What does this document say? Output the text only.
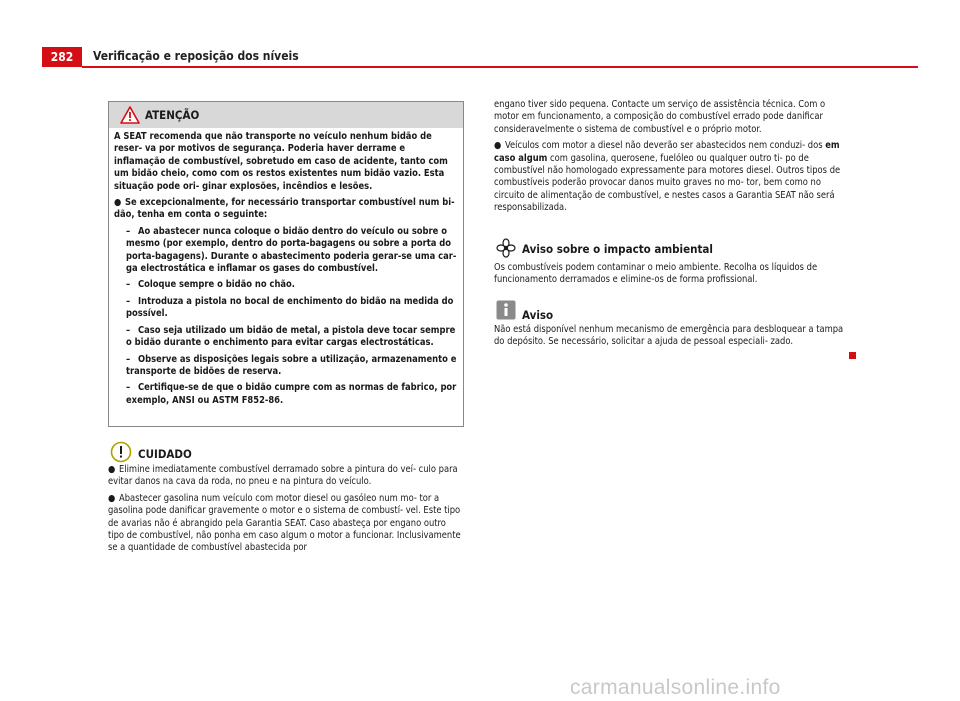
282	Verificação e reposição dos níveis
ATENÇÃO

A SEAT recomenda que não transporte no veículo nenhum bidão de reser- va por motivos de segurança. Poderia haver derrame e inflamação de combustível, sobretudo em caso de acidente, tanto com um bidão cheio, como com os restos existentes num bidão vazio. Esta situação pode ori- ginar explosões, incêndios e lesões.

● Se excepcionalmente, for necessário transportar combustível num bi- dão, tenha em conta o seguinte:

– Ao abastecer nunca coloque o bidão dentro do veículo ou sobre o mesmo (por exemplo, dentro do porta-bagagens ou sobre a porta do porta-bagagens). Durante o abastecimento poderia gerar-se uma car- ga electrostática e inflamar os gases do combustível.
– Coloque sempre o bidão no chão.
– Introduza a pistola no bocal de enchimento do bidão na medida do possível.
– Caso seja utilizado um bidão de metal, a pistola deve tocar sempre o bidão durante o enchimento para evitar cargas electrostáticas.
– Observe as disposições legais sobre a utilização, armazenamento e transporte de bidões de reserva.
– Certifique-se de que o bidão cumpre com as normas de fabrico, por exemplo, ANSI ou ASTM F852-86.
CUIDADO

● Elimine imediatamente combustível derramado sobre a pintura do veí- culo para evitar danos na cava da roda, no pneu e na pintura do veículo.

● Abastecer gasolina num veículo com motor diesel ou gasóleo num mo- tor a gasolina pode danificar gravemente o motor e o sistema de combustí- vel. Este tipo de avarias não é abrangido pela Garantia SEAT. Caso abasteça por engano outro tipo de combustível, não ponha em caso algum o motor a funcionar. Inclusivamente se a quantidade de combustível abastecida por

engano tiver sido pequena. Contacte um serviço de assistência técnica. Com o motor em funcionamento, a composição do combustível errado pode danificar consideravelmente o sistema de combustível e o próprio motor.

● Veículos com motor a diesel não deverão ser abastecidos nem conduzi- dos em caso algum com gasolina, querosene, fuelóleo ou qualquer outro ti- po de combustível não homologado expressamente para motores diesel. Outros tipos de combustíveis poderão provocar danos muito graves no mo- tor, bem como no circuito de alimentação de combustível, e nestes casos a Garantia SEAT não será responsabilizada.

Aviso sobre o impacto ambiental
Os combustíveis podem contaminar o meio ambiente. Recolha os líquidos de funcionamento derramados e elimine-os de forma profissional.
Aviso
Não está disponível nenhum mecanismo de emergência para desbloquear a tampa do depósito. Se necessário, solicitar a ajuda de pessoal especiali- zado.
carmanualsonline.info
